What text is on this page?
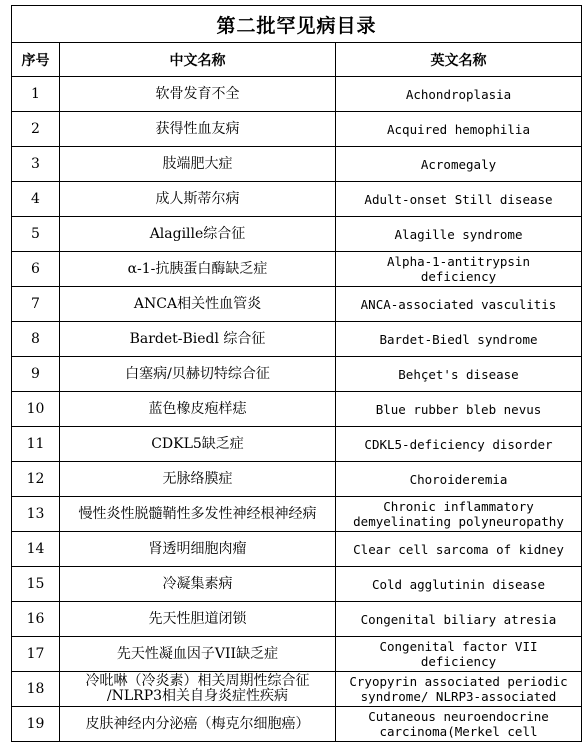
第二批罕见病目录		
序号	中文名称	英文名称
1	软骨发育不全	Achondroplasia
2	获得性血友病	Acquired hemophilia
3	肢端肥大症	Acromegaly
4	成人斯蒂尔病	Adult-onset Still disease
5	Alagille综合征	Alagille syndrome
6	α-1-抗胰蛋白酶缺乏症	Alpha-1-antitrypsin
deficiency
7	ANCA相关性血管炎	ANCA-associated vasculitis
8	Bardet-Biedl 综合征	Bardet-Biedl syndrome
9	白塞病/贝赫切特综合征	Behçet's disease
10	蓝色橡皮疱样痣	Blue rubber bleb nevus
11	CDKL5缺乏症	CDKL5-deficiency disorder
12	无脉络膜症	Choroideremia
13	慢性炎性脱髓鞘性多发性神经根神经病	Chronic inflammatory
demyelinating polyneuropathy
14	肾透明细胞肉瘤	Clear cell sarcoma of kidney
15	冷凝集素病	Cold agglutinin disease
16	先天性胆道闭锁	Congenital biliary atresia
17	先天性凝血因子VII缺乏症	Congenital factor VII
deficiency
18	冷吡啉（冷炎素）相关周期性综合征
/NLRP3相关自身炎症性疾病	Cryopyrin associated periodic
syndrome/ NLRP3-associated
19	皮肤神经内分泌癌（梅克尔细胞癌）	Cutaneous neuroendocrine
carcinoma(Merkel cell
